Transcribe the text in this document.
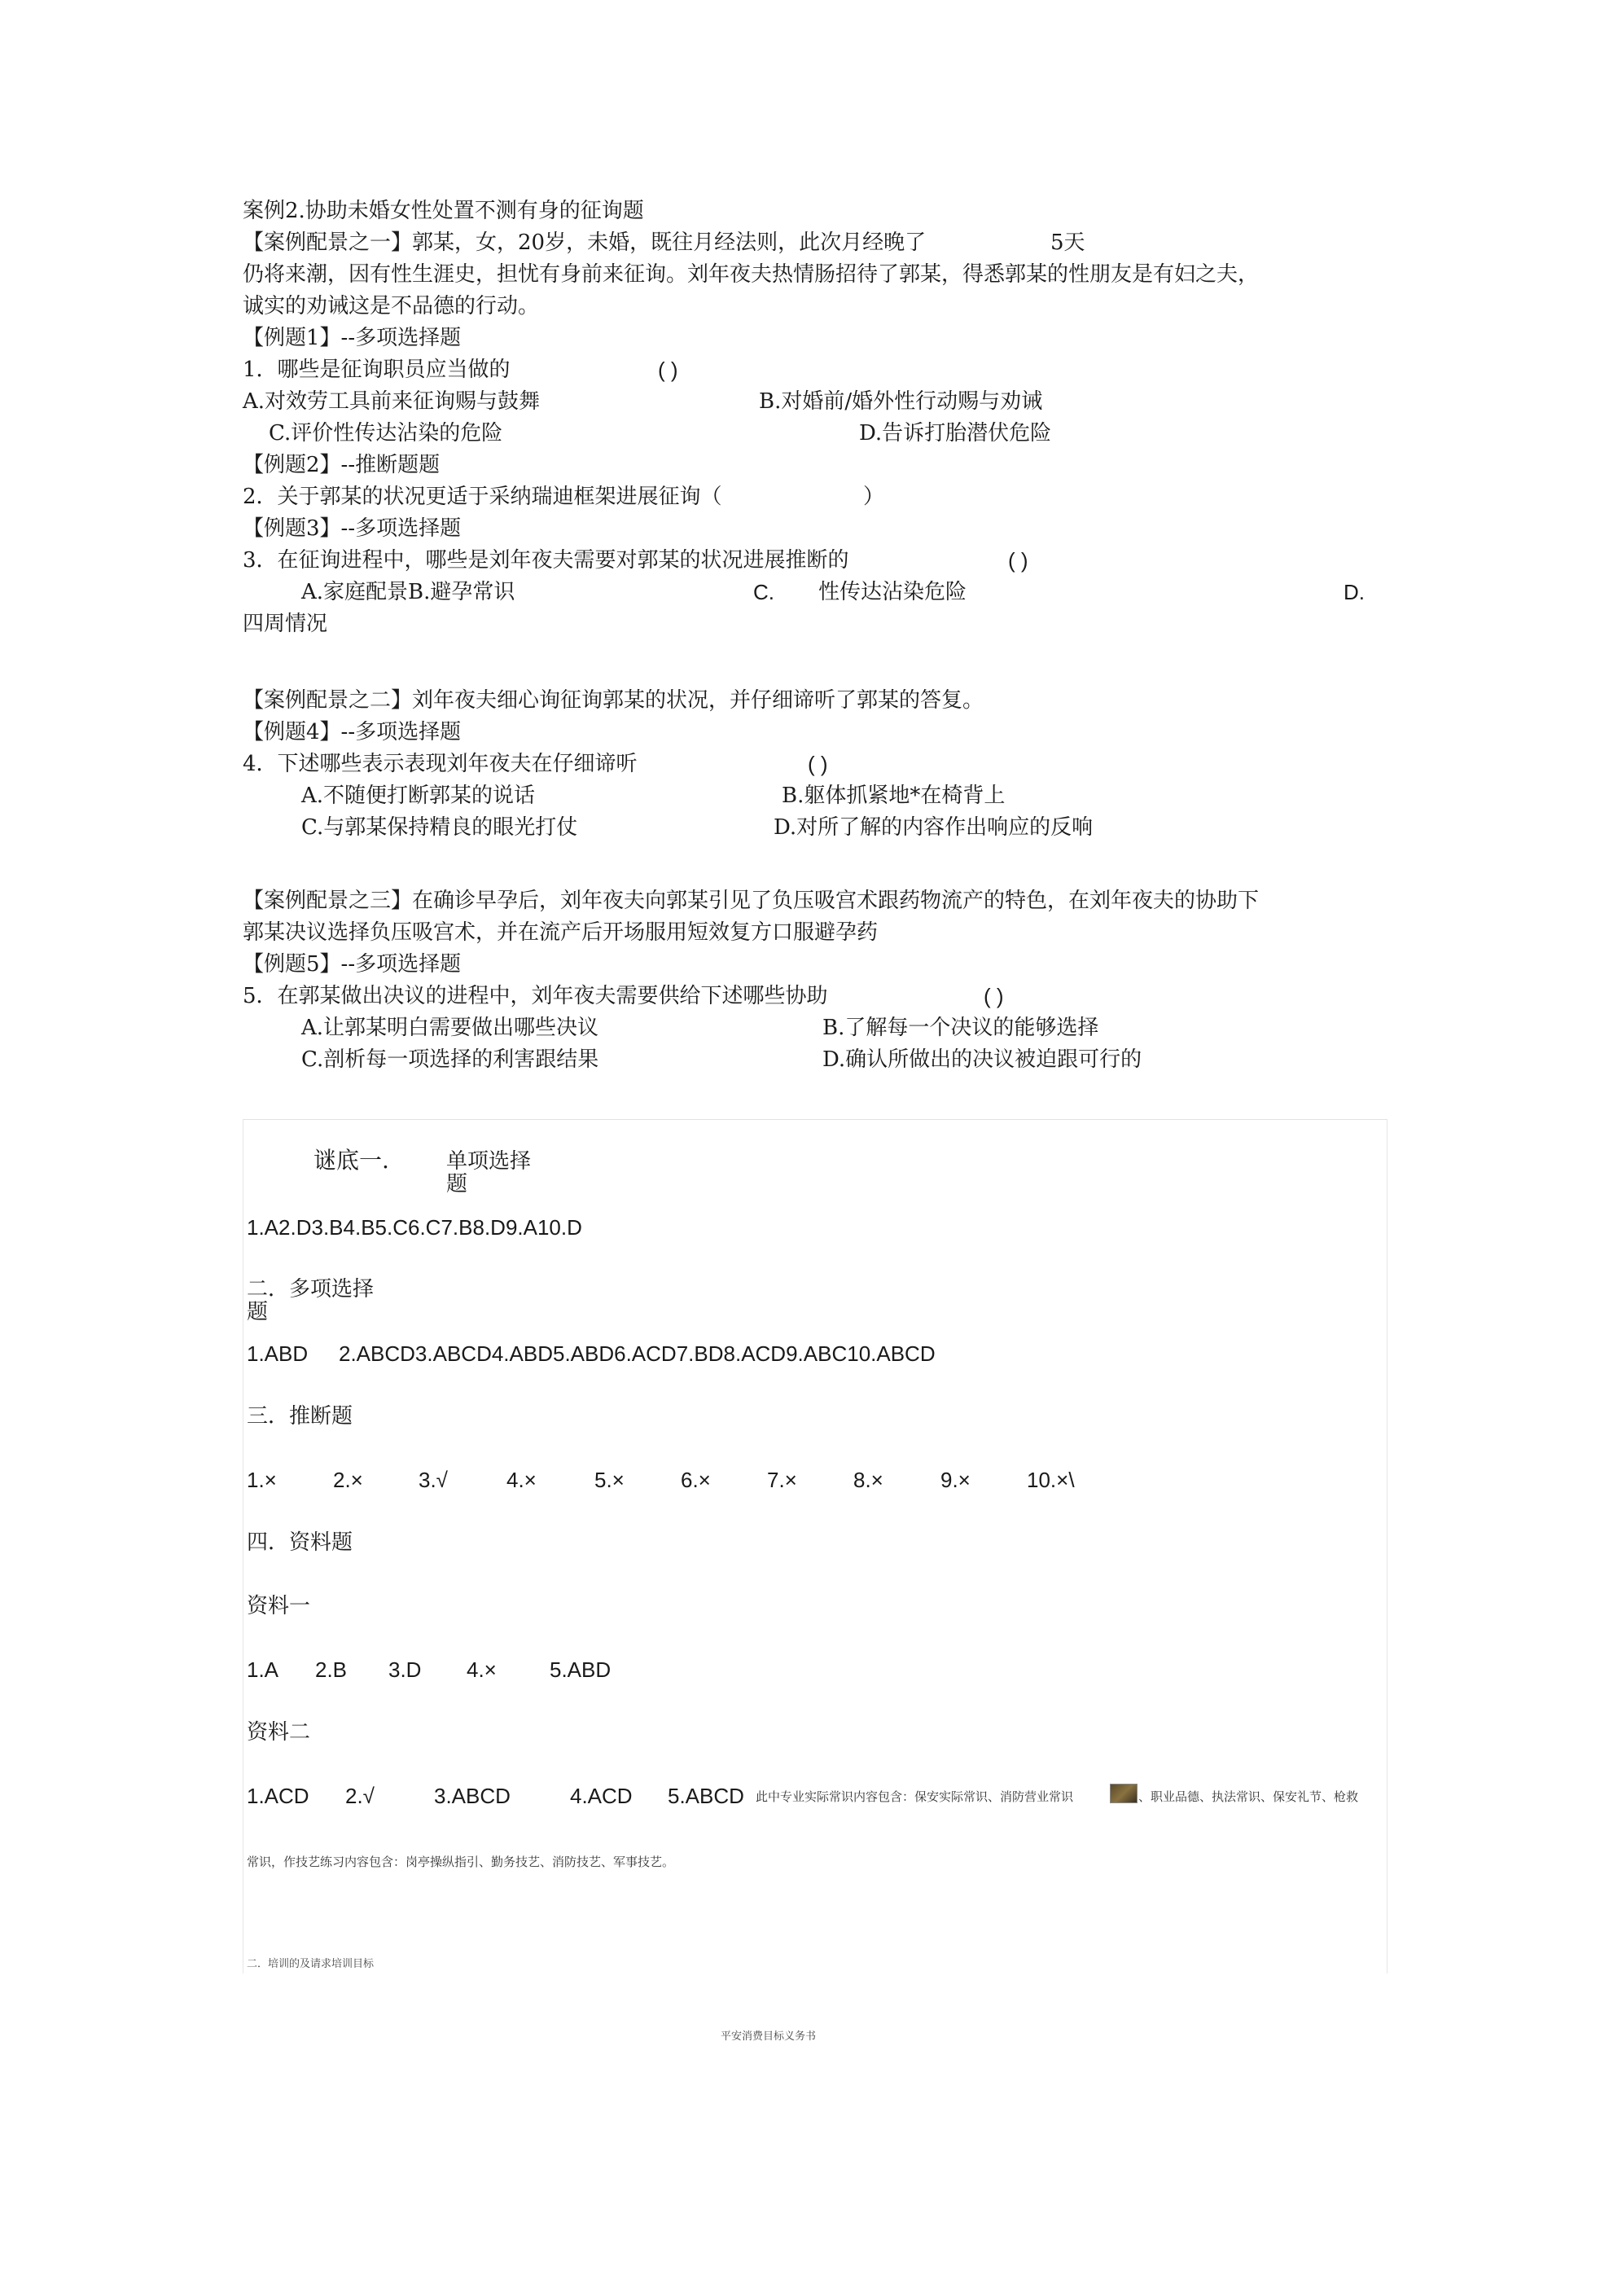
案例2.协助未婚女性处置不测有身的征询题
【案例配景之一】郭某，女，20岁，未婚，既往月经法则，此次月经晚了	5天
仍将来潮，因有性生涯史，担忧有身前来征询。刘年夜夫热情肠招待了郭某，得悉郭某的性朋友是有妇之夫，
诚实的劝诫这是不品德的行动。
【例题1】--多项选择题
1．哪些是征询职员应当做的	( )
A.对效劳工具前来征询赐与鼓舞	B.对婚前/婚外性行动赐与劝诫
C.评价性传达沾染的危险	D.告诉打胎潜伏危险
【例题2】--推断题题
2．关于郭某的状况更适于采纳瑞迪框架进展征询（	）
【例题3】--多项选择题
3．在征询进程中，哪些是刘年夜夫需要对郭某的状况进展推断的	( )
A.家庭配景B.避孕常识	C. 性传达沾染危险	D.
四周情况
【案例配景之二】刘年夜夫细心询征询郭某的状况，并仔细谛听了郭某的答复。
【例题4】--多项选择题
4．下述哪些表示表现刘年夜夫在仔细谛听	( )
A.不随便打断郭某的说话	B.躯体抓紧地*在椅背上
C.与郭某保持精良的眼光打仗	D.对所了解的内容作出响应的反响
【案例配景之三】在确诊早孕后，刘年夜夫向郭某引见了负压吸宫术跟药物流产的特色，在刘年夜夫的协助下
郭某决议选择负压吸宫术，并在流产后开场服用短效复方口服避孕药
【例题5】--多项选择题
5．在郭某做出决议的进程中，刘年夜夫需要供给下述哪些协助	( )
A.让郭某明白需要做出哪些决议	B.了解每一个决议的能够选择
C.剖析每一项选择的利害跟结果	D.确认所做出的决议被迫跟可行的
谜底一.	单项选择
题
1.A2.D3.B4.B5.C6.C7.B8.D9.A10.D
二．多项选择
题
1.ABD 2.ABCD3.ABCD4.ABD5.ABD6.ACD7.BD8.ACD9.ABC10.ABCD
三．推断题
1.×	2.×	3.√	4.×	5.×	6.×	7.×	8.×	9.×	10.×\
四．资料题
资料一
1.A 2.B 3.D 4.×	5.ABD
资料二
1.ACD 2.√	3.ABCD	4.ACD 5.ABCD 此中专业实际常识内容包含：保安实际常识、消防营业常识	、职业品德、执法常识、保安礼节、枪救
常识，作技艺练习内容包含：岗亭操纵指引、勤务技艺、消防技艺、军事技艺。
二．培训的及请求培训目标
平安消费目标义务书
